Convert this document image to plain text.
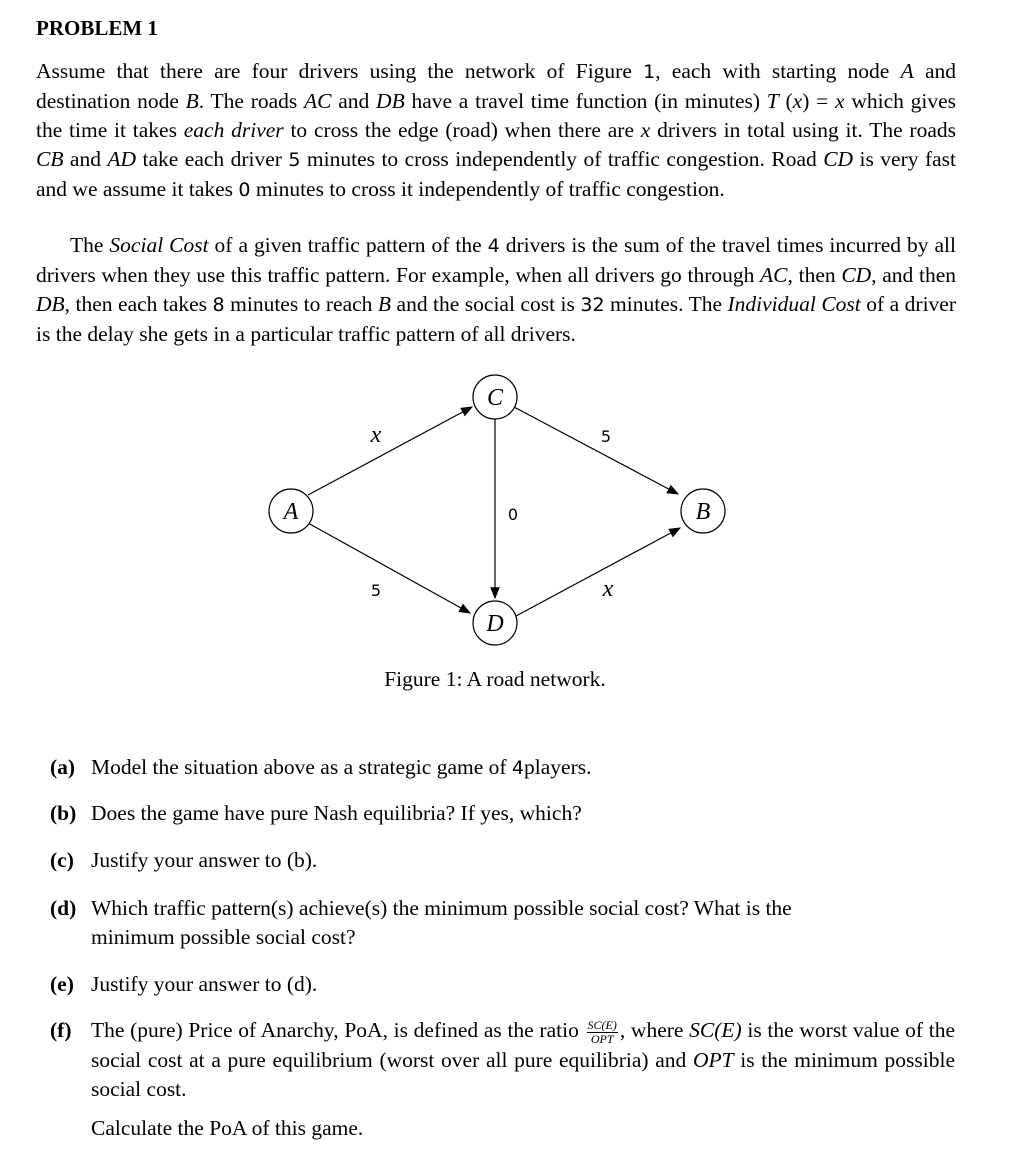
PROBLEM 1
Assume that there are four drivers using the network of Figure 1, each with starting node A and destination node B. The roads AC and DB have a travel time function (in minutes) T (x) = x which gives the time it takes each driver to cross the edge (road) when there are x drivers in total using it. The roads CB and AD take each driver 5 minutes to cross independently of traffic congestion. Road CD is very fast and we assume it takes 0 minutes to cross it independently of traffic congestion.
The Social Cost of a given traffic pattern of the 4 drivers is the sum of the travel times incurred by all drivers when they use this traffic pattern. For example, when all drivers go through AC, then CD, and then DB, then each takes 8 minutes to reach B and the social cost is 32 minutes. The Individual Cost of a driver is the delay she gets in a particular traffic pattern of all drivers.
A
C
B
D
x
x
5
0
5
Figure 1: A road network.
(a) Model the situation above as a strategic game of 4players.
(b) Does the game have pure Nash equilibria? If yes, which?
(c) Justify your answer to (b).
(d) Which traffic pattern(s) achieve(s) the minimum possible social cost? What is the minimum possible social cost?
(e) Justify your answer to (d).
(f) The (pure) Price of Anarchy, PoA, is defined as the ratio $\frac{SC(E)}{\text{OPT}}$ , where SC(E) is the worst value of the social cost at a pure equilibrium (worst over all pure equilibria) and OPT is the minimum possible social cost.
Calculate the PoA of this game.
